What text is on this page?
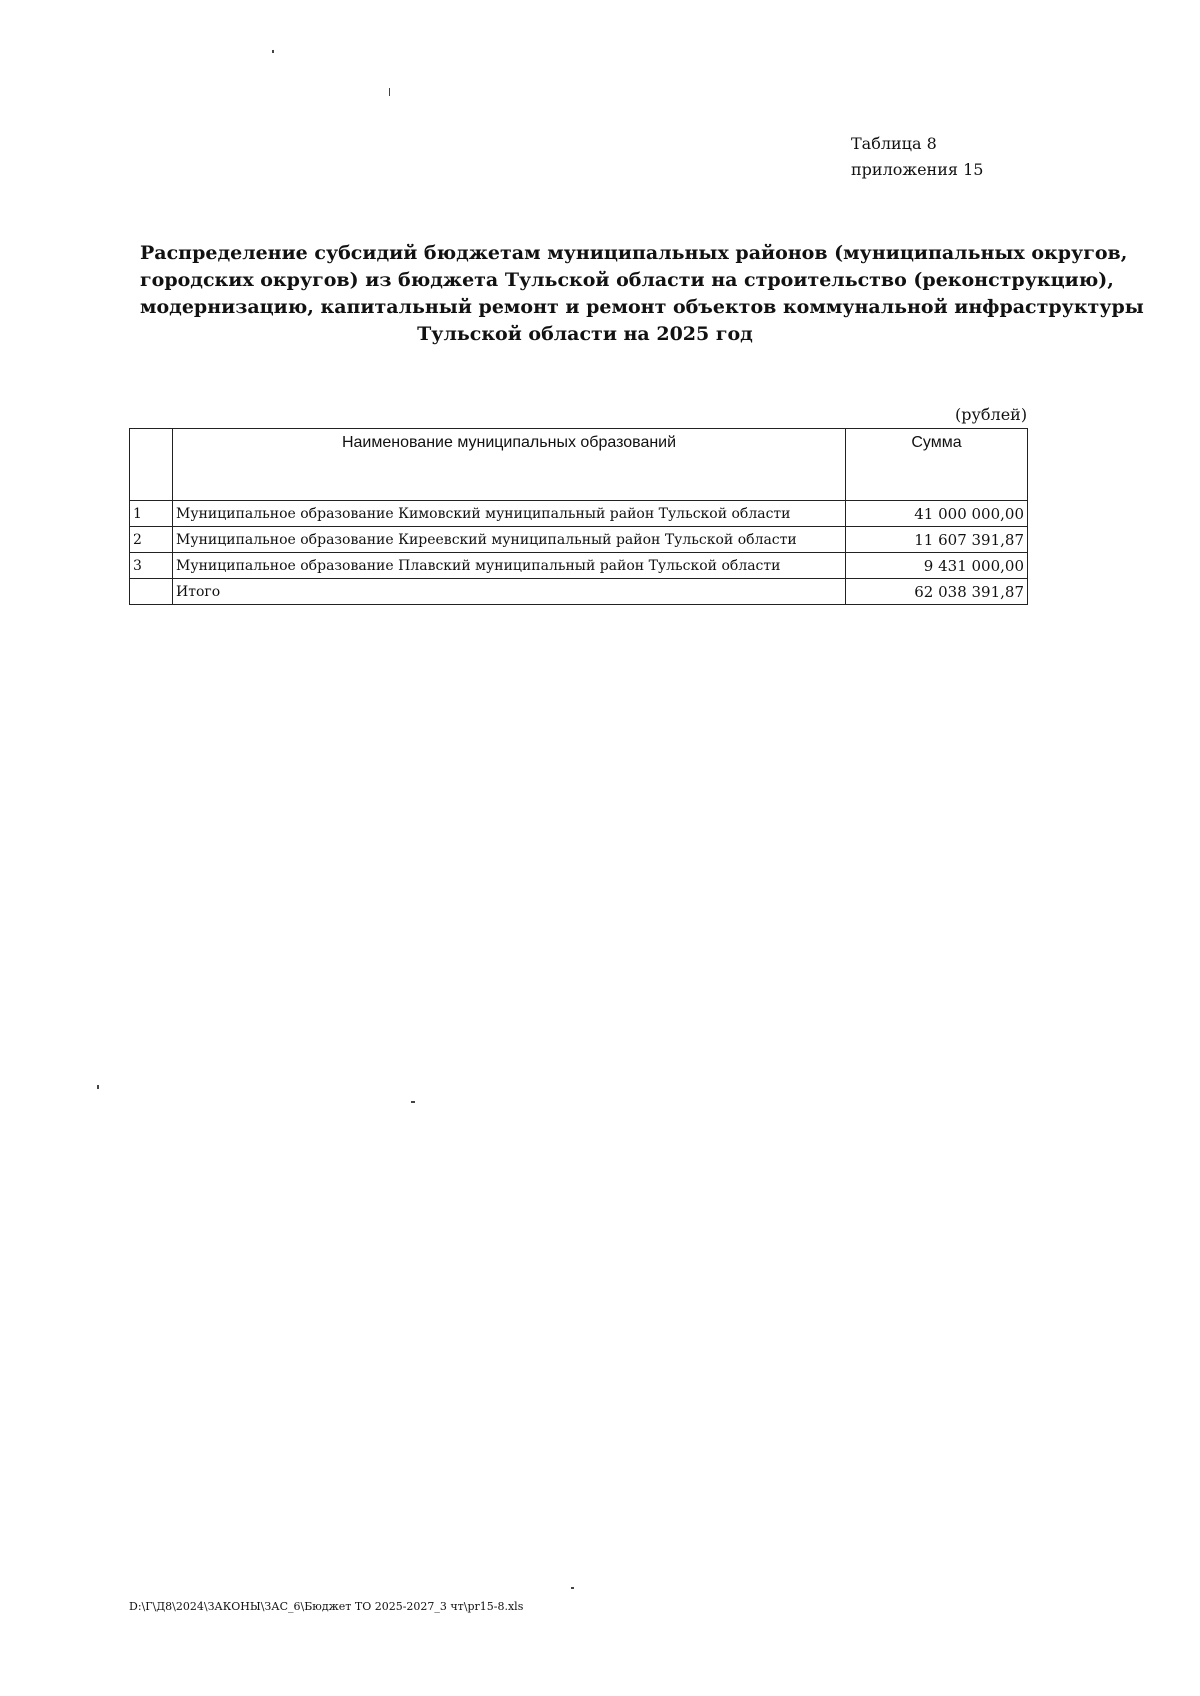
Таблица 8
приложения 15
Распределение субсидий бюджетам муниципальных районов (муниципальных округов,
городских округов) из бюджета Тульской области на строительство (реконструкцию),
модернизацию, капитальный ремонт и ремонт объектов коммунальной инфраструктуры
Тульской области на 2025 год
(рублей)
	Наименование муниципальных образований	Сумма
1	Муниципальное образование Кимовский муниципальный район Тульской области	41 000 000,00
2	Муниципальное образование Киреевский муниципальный район Тульской области	11 607 391,87
3	Муниципальное образование Плавский муниципальный район Тульской области	9 431 000,00
	Итого	62 038 391,87
D:\Г\Д8\2024\ЗАКОНЫ\ЗАС_6\Бюджет ТО 2025-2027_3 чт\pr15-8.xls
